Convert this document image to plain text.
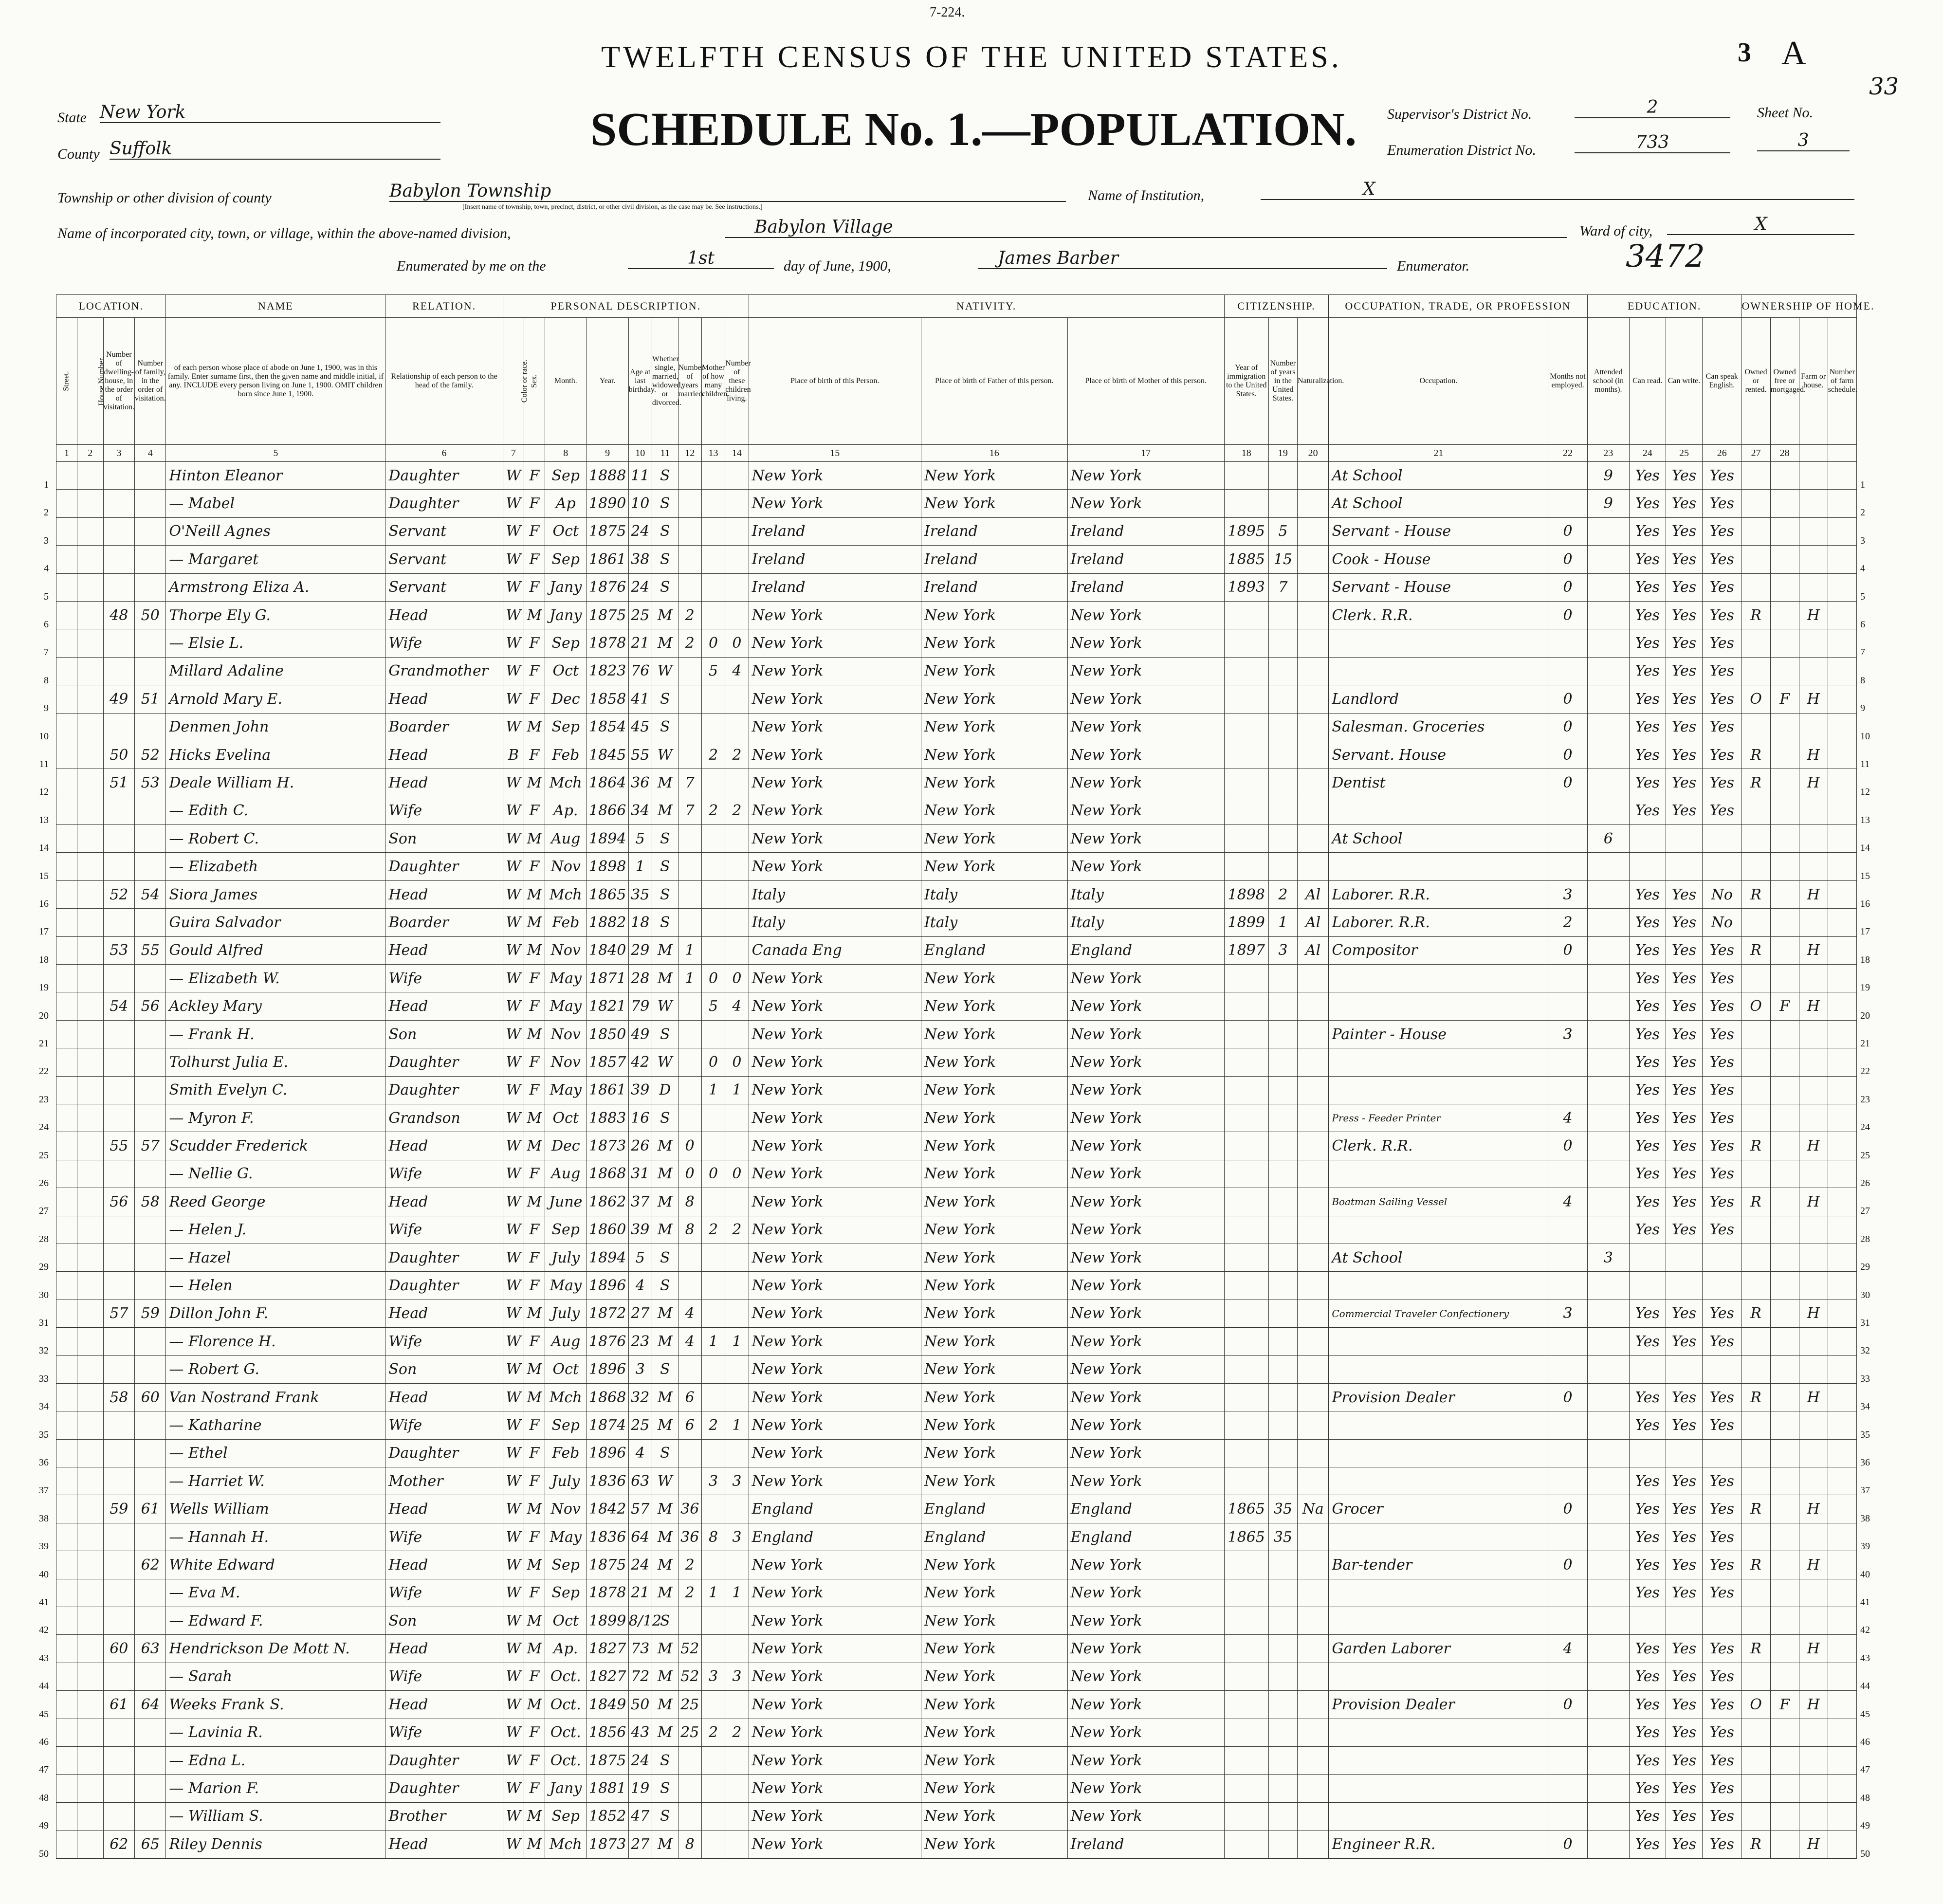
7-224.
TWELFTH CENSUS OF THE UNITED STATES.
SCHEDULE No. 1.—POPULATION.
3 A
33
State New York
County Suffolk
Supervisor's District No.	2
Enumeration District No.	733
Sheet No.
3
Township or other division of county	Babylon Township
[Insert name of township, town, precinct, district, or other civil division, as the case may be. See instructions.]
Name of Institution,	X
Name of incorporated city, town, or village, within the above-named division,	Babylon Village	Ward of city,	X
Enumerated by me on the	1st	day of June, 1900,	James Barber	Enumerator.	3472
1
2
3
4
5
6
7
8
9
10
11
12
13
14
15
16
17
18
19
20
21
22
23
24
25
26
27
28
29
30
31
32
33
34
35
36
37
38
39
40
41
42
43
44
45
46
47
48
49
50
1
2
3
4
5
6
7
8
9
10
11
12
13
14
15
16
17
18
19
20
21
22
23
24
25
26
27
28
29
30
31
32
33
34
35
36
37
38
39
40
41
42
43
44
45
46
47
48
49
50
LOCATION.				NAME	RELATION.	PERSONAL DESCRIPTION.									NATIVITY.			CITIZENSHIP.			OCCUPATION, TRADE, OR PROFESSION		EDUCATION.				OWNERSHIP OF HOME.			
Street.	House Number.	Number of dwelling-house, in the order of visitation.	Number of family, in the order of visitation.	of each person whose place of abode on June 1, 1900, was in this family. Enter surname first, then the given name and middle initial, if any. INCLUDE every person living on June 1, 1900. OMIT children born since June 1, 1900.	Relationship of each person to the head of the family.	Color or race.	Sex.	Month.	Year.	Age at last birthday.	Whether single, married, widowed, or divorced.	Number of years married.	Mother of how many children.	Number of these children living.	Place of birth of this Person.	Place of birth of Father of this person.	Place of birth of Mother of this person.	Year of immigration to the United States.	Number of years in the United States.	Naturalization.	Occupation.	Months not employed.	Attended school (in months).	Can read.	Can write.	Can speak English.	Owned or rented.	Owned free or mortgaged.	Farm or house.	Number of farm schedule.
1	2	3	4	5	6	7		8	9	10	11	12	13	14	15	16	17	18	19	20	21	22	23	24	25	26	27	28		
				Hinton Eleanor	Daughter	W	F	Sep	1888	11	S				New York	New York	New York				At School		9	Yes	Yes	Yes				
				— Mabel	Daughter	W	F	Ap	1890	10	S				New York	New York	New York				At School		9	Yes	Yes	Yes				
				O'Neill Agnes	Servant	W	F	Oct	1875	24	S				Ireland	Ireland	Ireland	1895	5		Servant - House	0		Yes	Yes	Yes				
				— Margaret	Servant	W	F	Sep	1861	38	S				Ireland	Ireland	Ireland	1885	15		Cook - House	0		Yes	Yes	Yes				
				Armstrong Eliza A.	Servant	W	F	Jany	1876	24	S				Ireland	Ireland	Ireland	1893	7		Servant - House	0		Yes	Yes	Yes				
		48	50	Thorpe Ely G.	Head	W	M	Jany	1875	25	M	2			New York	New York	New York				Clerk. R.R.	0		Yes	Yes	Yes	R		H	
				— Elsie L.	Wife	W	F	Sep	1878	21	M	2	0	0	New York	New York	New York							Yes	Yes	Yes				
				Millard Adaline	Grandmother	W	F	Oct	1823	76	W		5	4	New York	New York	New York							Yes	Yes	Yes				
		49	51	Arnold Mary E.	Head	W	F	Dec	1858	41	S				New York	New York	New York				Landlord	0		Yes	Yes	Yes	O	F	H	
				Denmen John	Boarder	W	M	Sep	1854	45	S				New York	New York	New York				Salesman. Groceries	0		Yes	Yes	Yes				
		50	52	Hicks Evelina	Head	B	F	Feb	1845	55	W		2	2	New York	New York	New York				Servant. House	0		Yes	Yes	Yes	R		H	
		51	53	Deale William H.	Head	W	M	Mch	1864	36	M	7			New York	New York	New York				Dentist	0		Yes	Yes	Yes	R		H	
				— Edith C.	Wife	W	F	Ap.	1866	34	M	7	2	2	New York	New York	New York							Yes	Yes	Yes				
				— Robert C.	Son	W	M	Aug	1894	5	S				New York	New York	New York				At School		6							
				— Elizabeth	Daughter	W	F	Nov	1898	1	S				New York	New York	New York													
		52	54	Siora James	Head	W	M	Mch	1865	35	S				Italy	Italy	Italy	1898	2	Al	Laborer. R.R.	3		Yes	Yes	No	R		H	
				Guira Salvador	Boarder	W	M	Feb	1882	18	S				Italy	Italy	Italy	1899	1	Al	Laborer. R.R.	2		Yes	Yes	No				
		53	55	Gould Alfred	Head	W	M	Nov	1840	29	M	1			Canada Eng	England	England	1897	3	Al	Compositor	0		Yes	Yes	Yes	R		H	
				— Elizabeth W.	Wife	W	F	May	1871	28	M	1	0	0	New York	New York	New York							Yes	Yes	Yes				
		54	56	Ackley Mary	Head	W	F	May	1821	79	W		5	4	New York	New York	New York							Yes	Yes	Yes	O	F	H	
				— Frank H.	Son	W	M	Nov	1850	49	S				New York	New York	New York				Painter - House	3		Yes	Yes	Yes				
				Tolhurst Julia E.	Daughter	W	F	Nov	1857	42	W		0	0	New York	New York	New York							Yes	Yes	Yes				
				Smith Evelyn C.	Daughter	W	F	May	1861	39	D		1	1	New York	New York	New York							Yes	Yes	Yes				
				— Myron F.	Grandson	W	M	Oct	1883	16	S				New York	New York	New York				Press - Feeder Printer	4		Yes	Yes	Yes				
		55	57	Scudder Frederick	Head	W	M	Dec	1873	26	M	0			New York	New York	New York				Clerk. R.R.	0		Yes	Yes	Yes	R		H	
				— Nellie G.	Wife	W	F	Aug	1868	31	M	0	0	0	New York	New York	New York							Yes	Yes	Yes				
		56	58	Reed George	Head	W	M	June	1862	37	M	8			New York	New York	New York				Boatman Sailing Vessel	4		Yes	Yes	Yes	R		H	
				— Helen J.	Wife	W	F	Sep	1860	39	M	8	2	2	New York	New York	New York							Yes	Yes	Yes				
				— Hazel	Daughter	W	F	July	1894	5	S				New York	New York	New York				At School		3							
				— Helen	Daughter	W	F	May	1896	4	S				New York	New York	New York													
		57	59	Dillon John F.	Head	W	M	July	1872	27	M	4			New York	New York	New York				Commercial Traveler Confectionery	3		Yes	Yes	Yes	R		H	
				— Florence H.	Wife	W	F	Aug	1876	23	M	4	1	1	New York	New York	New York							Yes	Yes	Yes				
				— Robert G.	Son	W	M	Oct	1896	3	S				New York	New York	New York													
		58	60	Van Nostrand Frank	Head	W	M	Mch	1868	32	M	6			New York	New York	New York				Provision Dealer	0		Yes	Yes	Yes	R		H	
				— Katharine	Wife	W	F	Sep	1874	25	M	6	2	1	New York	New York	New York							Yes	Yes	Yes				
				— Ethel	Daughter	W	F	Feb	1896	4	S				New York	New York	New York													
				— Harriet W.	Mother	W	F	July	1836	63	W		3	3	New York	New York	New York							Yes	Yes	Yes				
		59	61	Wells William	Head	W	M	Nov	1842	57	M	36			England	England	England	1865	35	Na	Grocer	0		Yes	Yes	Yes	R		H	
				— Hannah H.	Wife	W	F	May	1836	64	M	36	8	3	England	England	England	1865	35					Yes	Yes	Yes				
			62	White Edward	Head	W	M	Sep	1875	24	M	2			New York	New York	New York				Bar-tender	0		Yes	Yes	Yes	R		H	
				— Eva M.	Wife	W	F	Sep	1878	21	M	2	1	1	New York	New York	New York							Yes	Yes	Yes				
				— Edward F.	Son	W	M	Oct	1899	8/12	S				New York	New York	New York													
		60	63	Hendrickson De Mott N.	Head	W	M	Ap.	1827	73	M	52			New York	New York	New York				Garden Laborer	4		Yes	Yes	Yes	R		H	
				— Sarah	Wife	W	F	Oct.	1827	72	M	52	3	3	New York	New York	New York							Yes	Yes	Yes				
		61	64	Weeks Frank S.	Head	W	M	Oct.	1849	50	M	25			New York	New York	New York				Provision Dealer	0		Yes	Yes	Yes	O	F	H	
				— Lavinia R.	Wife	W	F	Oct.	1856	43	M	25	2	2	New York	New York	New York							Yes	Yes	Yes				
				— Edna L.	Daughter	W	F	Oct.	1875	24	S				New York	New York	New York							Yes	Yes	Yes				
				— Marion F.	Daughter	W	F	Jany	1881	19	S				New York	New York	New York							Yes	Yes	Yes				
				— William S.	Brother	W	M	Sep	1852	47	S				New York	New York	New York							Yes	Yes	Yes				
		62	65	Riley Dennis	Head	W	M	Mch	1873	27	M	8			New York	New York	Ireland				Engineer R.R.	0		Yes	Yes	Yes	R		H	
